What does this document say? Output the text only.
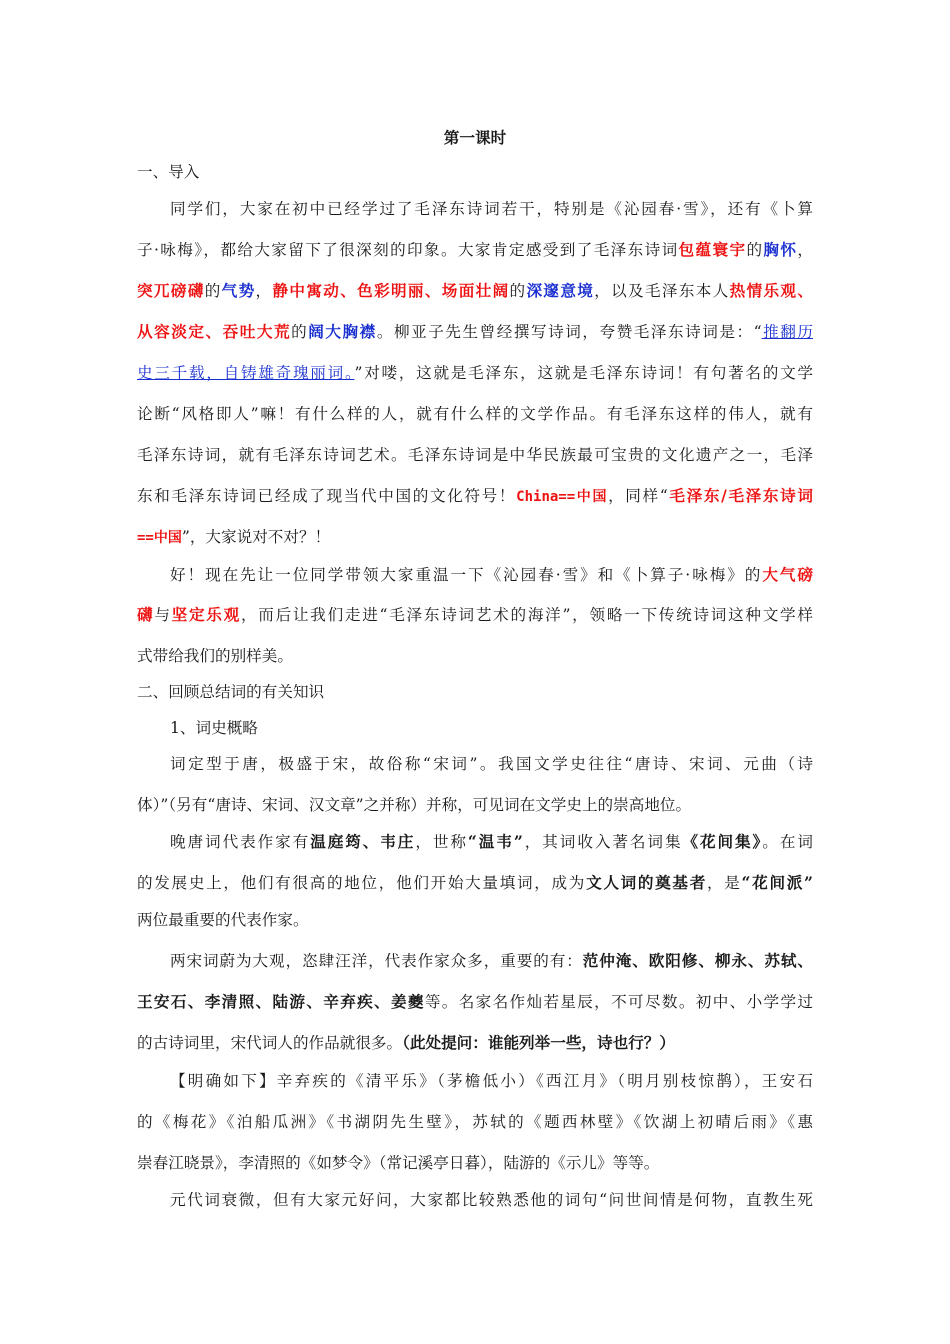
第一课时
一、导入
同学们，大家在初中已经学过了毛泽东诗词若干，特别是《沁园春·雪》，还有《卜算
子·咏梅》，都给大家留下了很深刻的印象。大家肯定感受到了毛泽东诗词包蕴寰宇的胸怀，
突兀磅礴的气势，静中寓动、色彩明丽、场面壮阔的深邃意境，以及毛泽东本人热情乐观、
从容淡定、吞吐大荒的阔大胸襟。柳亚子先生曾经撰写诗词，夸赞毛泽东诗词是：“推翻历
史三千载，自铸雄奇瑰丽词。”对喽，这就是毛泽东，这就是毛泽东诗词！有句著名的文学
论断“风格即人”嘛！有什么样的人，就有什么样的文学作品。有毛泽东这样的伟人，就有
毛泽东诗词，就有毛泽东诗词艺术。毛泽东诗词是中华民族最可宝贵的文化遗产之一，毛泽
东和毛泽东诗词已经成了现当代中国的文化符号！China==中国，同样“毛泽东/毛泽东诗词
==中国”，大家说对不对？！
好！现在先让一位同学带领大家重温一下《沁园春·雪》和《卜算子·咏梅》的大气磅
礴与坚定乐观，而后让我们走进“毛泽东诗词艺术的海洋”，领略一下传统诗词这种文学样
式带给我们的别样美。
二、回顾总结词的有关知识
1、词史概略
词定型于唐，极盛于宋，故俗称“宋词”。我国文学史往往“唐诗、宋词、元曲（诗
体）”（另有“唐诗、宋词、汉文章”之并称）并称，可见词在文学史上的崇高地位。
晚唐词代表作家有温庭筠、韦庄，世称“温韦”，其词收入著名词集《花间集》。在词
的发展史上，他们有很高的地位，他们开始大量填词，成为文人词的奠基者，是“花间派”
两位最重要的代表作家。
两宋词蔚为大观，恣肆汪洋，代表作家众多，重要的有：范仲淹、欧阳修、柳永、苏轼、
王安石、李清照、陆游、辛弃疾、姜夔等。名家名作灿若星辰，不可尽数。初中、小学学过
的古诗词里，宋代词人的作品就很多。（此处提问：谁能列举一些，诗也行？）
【明确如下】辛弃疾的《清平乐》（茅檐低小）《西江月》（明月别枝惊鹊），王安石
的《梅花》《泊船瓜洲》《书湖阴先生壁》，苏轼的《题西林壁》《饮湖上初晴后雨》《惠
崇春江晓景》，李清照的《如梦令》（常记溪亭日暮），陆游的《示儿》等等。
元代词衰微，但有大家元好问，大家都比较熟悉他的词句“问世间情是何物，直教生死
